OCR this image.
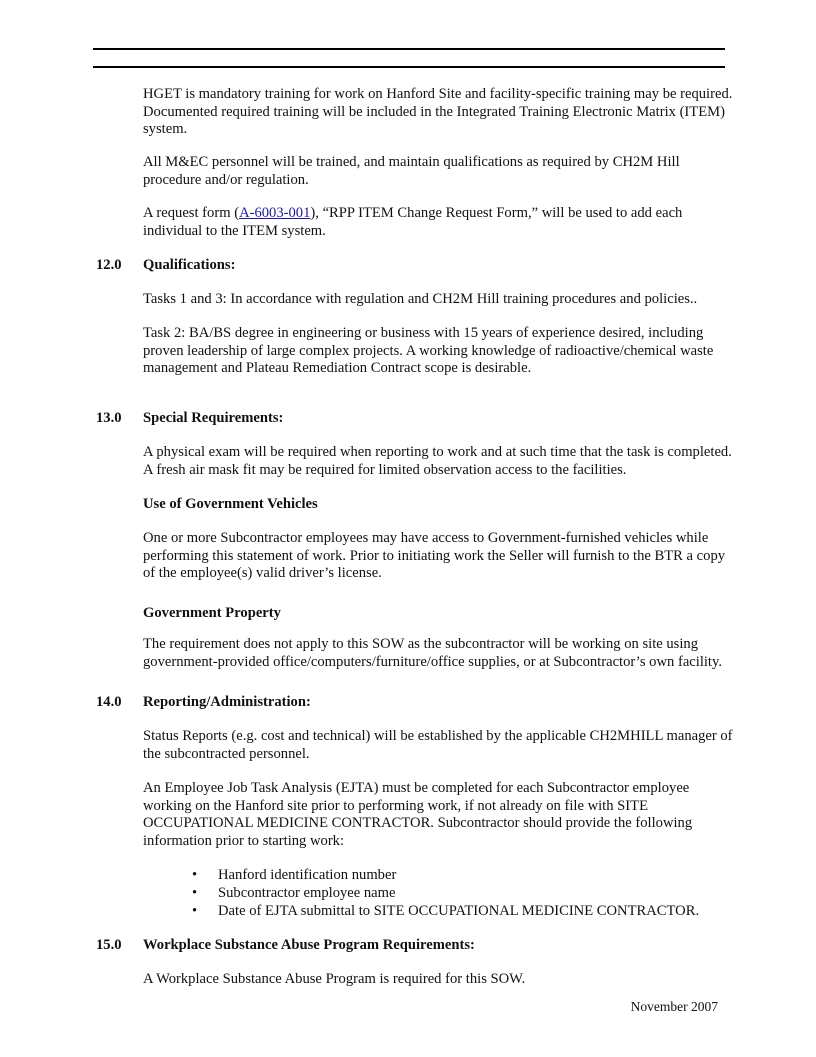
HGET is mandatory training for work on Hanford Site and facility-specific training may be required. Documented required training will be included in the Integrated Training Electronic Matrix (ITEM) system.
All M&EC personnel will be trained, and maintain qualifications as required by CH2M Hill procedure and/or regulation.
A request form (A-6003-001), “RPP ITEM Change Request Form,” will be used to add each individual to the ITEM system.
12.0 Qualifications:
Tasks 1 and 3: In accordance with regulation and CH2M Hill training procedures and policies..
Task 2: BA/BS degree in engineering or business with 15 years of experience desired, including proven leadership of large complex projects. A working knowledge of radioactive/chemical waste management and Plateau Remediation Contract scope is desirable.
13.0 Special Requirements:
A physical exam will be required when reporting to work and at such time that the task is completed. A fresh air mask fit may be required for limited observation access to the facilities.
Use of Government Vehicles
One or more Subcontractor employees may have access to Government-furnished vehicles while performing this statement of work. Prior to initiating work the Seller will furnish to the BTR a copy of the employee(s) valid driver’s license.
Government Property
The requirement does not apply to this SOW as the subcontractor will be working on site using government-provided office/computers/furniture/office supplies, or at Subcontractor’s own facility.
14.0 Reporting/Administration:
Status Reports (e.g. cost and technical) will be established by the applicable CH2MHILL manager of the subcontracted personnel.
An Employee Job Task Analysis (EJTA) must be completed for each Subcontractor employee working on the Hanford site prior to performing work, if not already on file with SITE OCCUPATIONAL MEDICINE CONTRACTOR. Subcontractor should provide the following information prior to starting work:
• Hanford identification number
• Subcontractor employee name
• Date of EJTA submittal to SITE OCCUPATIONAL MEDICINE CONTRACTOR.
15.0 Workplace Substance Abuse Program Requirements:
A Workplace Substance Abuse Program is required for this SOW.
November 2007
